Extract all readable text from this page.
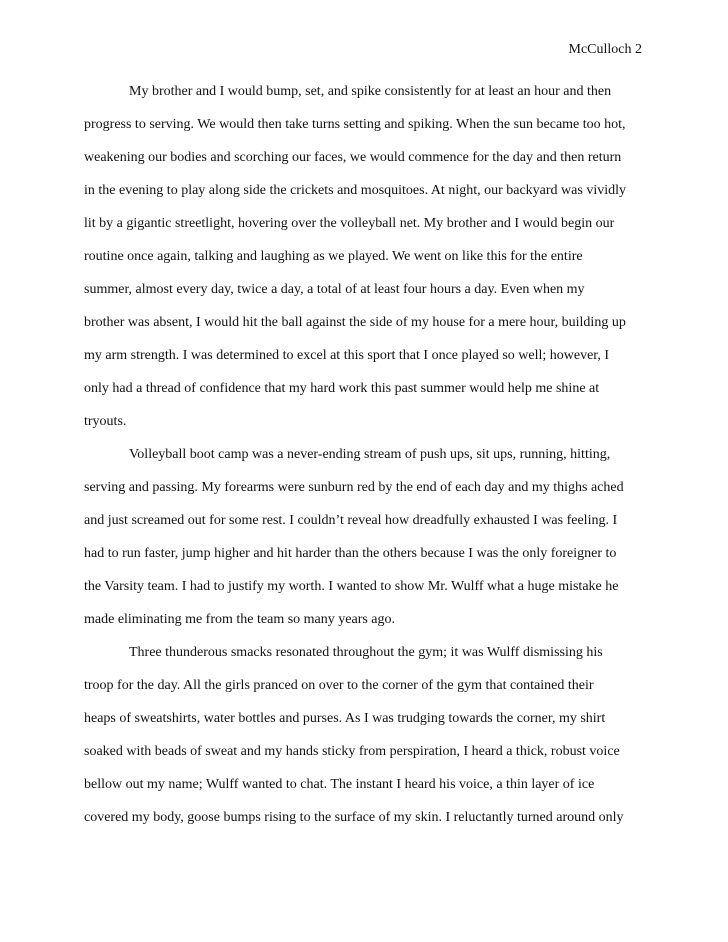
McCulloch 2
My brother and I would bump, set, and spike consistently for at least an hour and then
progress to serving. We would then take turns setting and spiking. When the sun became too hot,
weakening our bodies and scorching our faces, we would commence for the day and then return
in the evening to play along side the crickets and mosquitoes. At night, our backyard was vividly
lit by a gigantic streetlight, hovering over the volleyball net. My brother and I would begin our
routine once again, talking and laughing as we played. We went on like this for the entire
summer, almost every day, twice a day, a total of at least four hours a day. Even when my
brother was absent, I would hit the ball against the side of my house for a mere hour, building up
my arm strength. I was determined to excel at this sport that I once played so well; however, I
only had a thread of confidence that my hard work this past summer would help me shine at
tryouts.
Volleyball boot camp was a never-ending stream of push ups, sit ups, running, hitting,
serving and passing. My forearms were sunburn red by the end of each day and my thighs ached
and just screamed out for some rest. I couldn’t reveal how dreadfully exhausted I was feeling. I
had to run faster, jump higher and hit harder than the others because I was the only foreigner to
the Varsity team. I had to justify my worth. I wanted to show Mr. Wulff what a huge mistake he
made eliminating me from the team so many years ago.
Three thunderous smacks resonated throughout the gym; it was Wulff dismissing his
troop for the day. All the girls pranced on over to the corner of the gym that contained their
heaps of sweatshirts, water bottles and purses. As I was trudging towards the corner, my shirt
soaked with beads of sweat and my hands sticky from perspiration, I heard a thick, robust voice
bellow out my name; Wulff wanted to chat. The instant I heard his voice, a thin layer of ice
covered my body, goose bumps rising to the surface of my skin. I reluctantly turned around only
